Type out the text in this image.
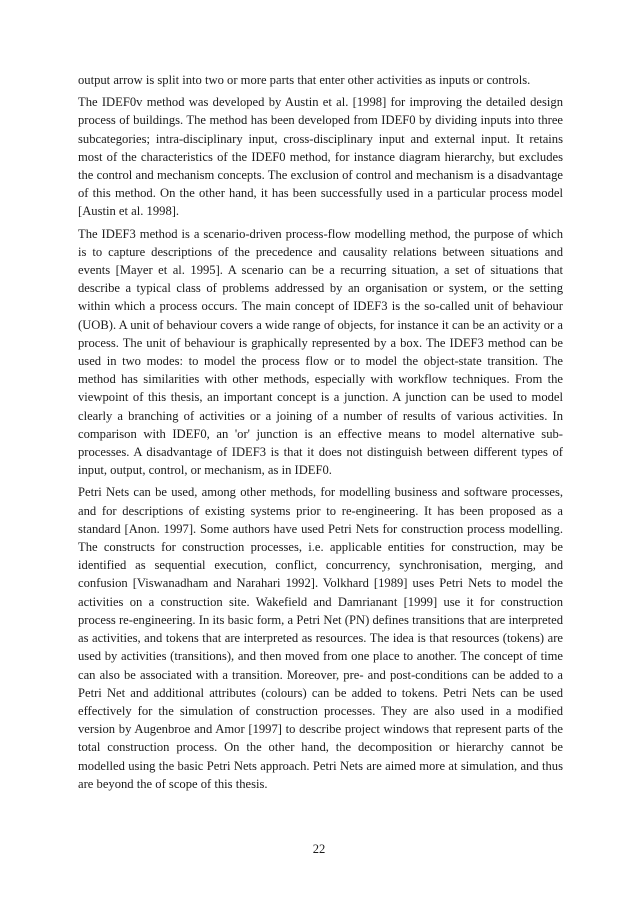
output arrow is split into two or more parts that enter other activities as inputs or controls.

The IDEF0v method was developed by Austin et al. [1998] for improving the detailed design process of buildings. The method has been developed from IDEF0 by dividing inputs into three subcategories; intra-disciplinary input, cross-disciplinary input and external input. It retains most of the characteristics of the IDEF0 method, for instance diagram hierarchy, but excludes the control and mechanism concepts. The exclusion of control and mechanism is a disadvantage of this method. On the other hand, it has been successfully used in a particular process model [Austin et al. 1998].

The IDEF3 method is a scenario-driven process-flow modelling method, the purpose of which is to capture descriptions of the precedence and causality relations between situations and events [Mayer et al. 1995]. A scenario can be a recurring situation, a set of situations that describe a typical class of problems addressed by an organisation or system, or the setting within which a process occurs. The main concept of IDEF3 is the so-called unit of behaviour (UOB). A unit of behaviour covers a wide range of objects, for instance it can be an activity or a process. The unit of behaviour is graphically represented by a box. The IDEF3 method can be used in two modes: to model the process flow or to model the object-state transition. The method has similarities with other methods, especially with workflow techniques. From the viewpoint of this thesis, an important concept is a junction. A junction can be used to model clearly a branching of activities or a joining of a number of results of various activities. In comparison with IDEF0, an 'or' junction is an effective means to model alternative sub-processes. A disadvantage of IDEF3 is that it does not distinguish between different types of input, output, control, or mechanism, as in IDEF0.

Petri Nets can be used, among other methods, for modelling business and software processes, and for descriptions of existing systems prior to re-engineering. It has been proposed as a standard [Anon. 1997]. Some authors have used Petri Nets for construction process modelling. The constructs for construction processes, i.e. applicable entities for construction, may be identified as sequential execution, conflict, concurrency, synchronisation, merging, and confusion [Viswanadham and Narahari 1992]. Volkhard [1989] uses Petri Nets to model the activities on a construction site. Wakefield and Damrianant [1999] use it for construction process re-engineering. In its basic form, a Petri Net (PN) defines transitions that are interpreted as activities, and tokens that are interpreted as resources. The idea is that resources (tokens) are used by activities (transitions), and then moved from one place to another. The concept of time can also be associated with a transition. Moreover, pre- and post-conditions can be added to a Petri Net and additional attributes (colours) can be added to tokens. Petri Nets can be used effectively for the simulation of construction processes. They are also used in a modified version by Augenbroe and Amor [1997] to describe project windows that represent parts of the total construction process. On the other hand, the decomposition or hierarchy cannot be modelled using the basic Petri Nets approach. Petri Nets are aimed more at simulation, and thus are beyond the of scope of this thesis.

22
